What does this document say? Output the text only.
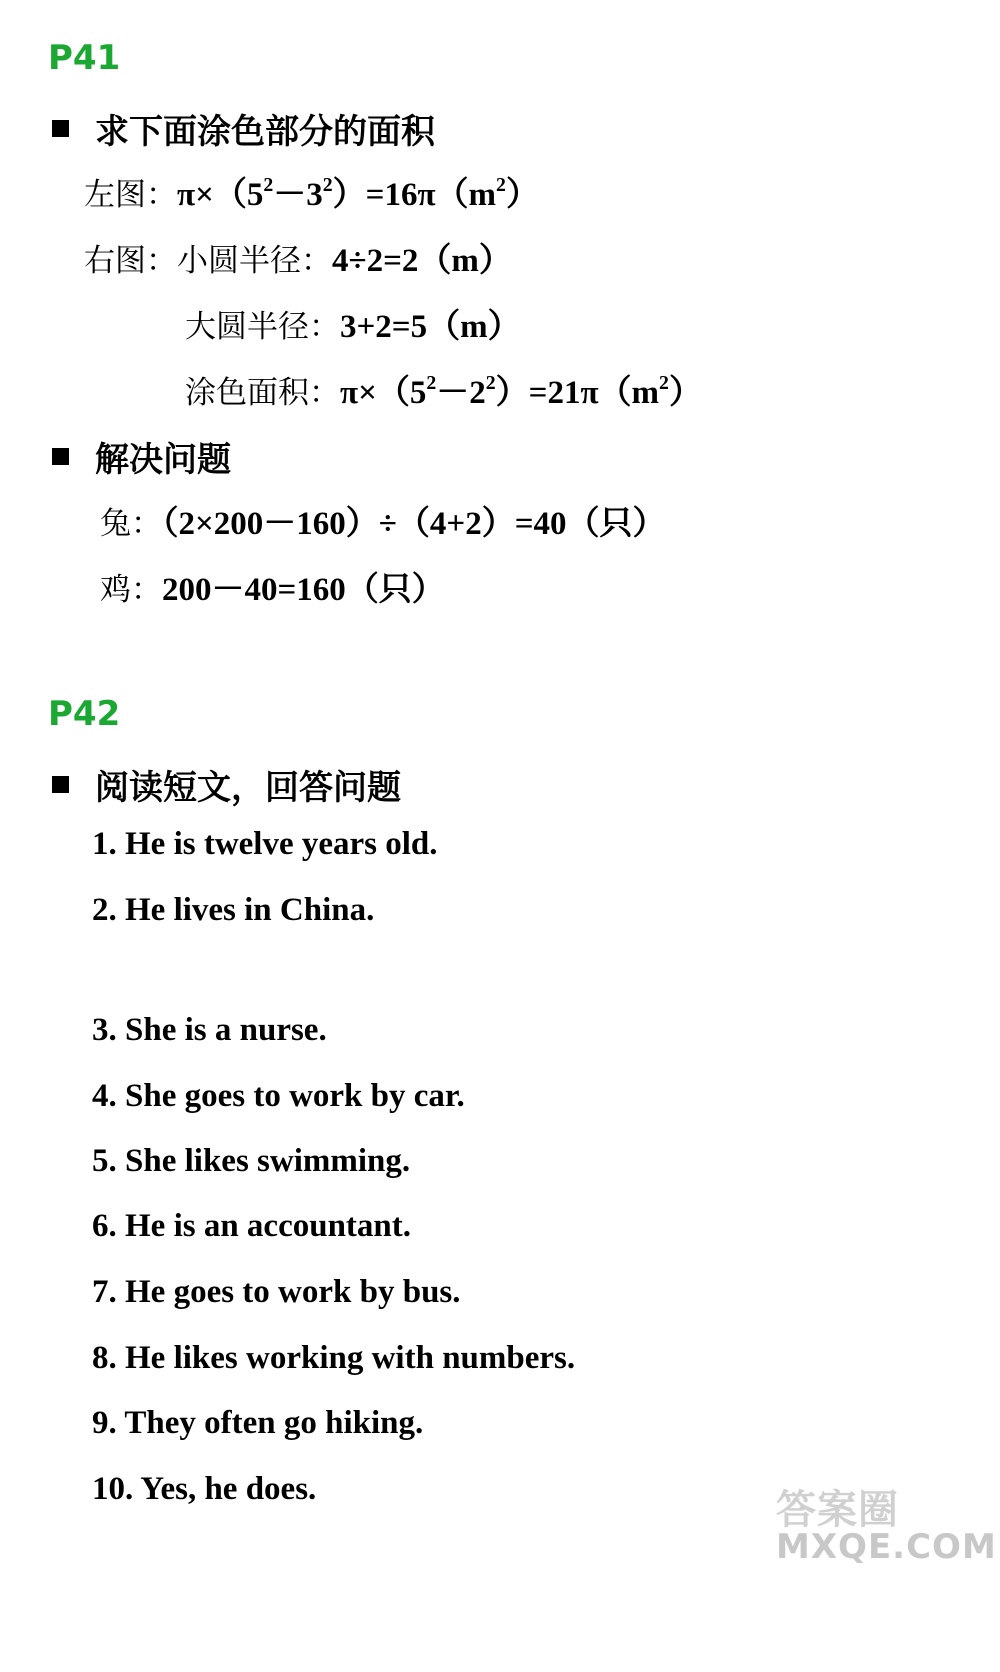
P41
求下面涂色部分的面积
左图：$\pi\times(5^2-3^2)=16\pi(m^2)$
右图：小圆半径：4÷2=2（m）
大圆半径：3+2=5（m）
涂色面积：$\pi\times(5^2-2^2)=21\pi(m^2)$
解决问题
兔：（2×200－160）÷（4+2）=40（只）
鸡：200－40=160（只）
P42
阅读短文，回答问题
1. He is twelve years old.
2. He lives in China.
3. She is a nurse.
4. She goes to work by car.
5. She likes swimming.
6. He is an accountant.
7. He goes to work by bus.
8. He likes working with numbers.
9. They often go hiking.
10. Yes, he does.	答案圈
MXQE.COM
